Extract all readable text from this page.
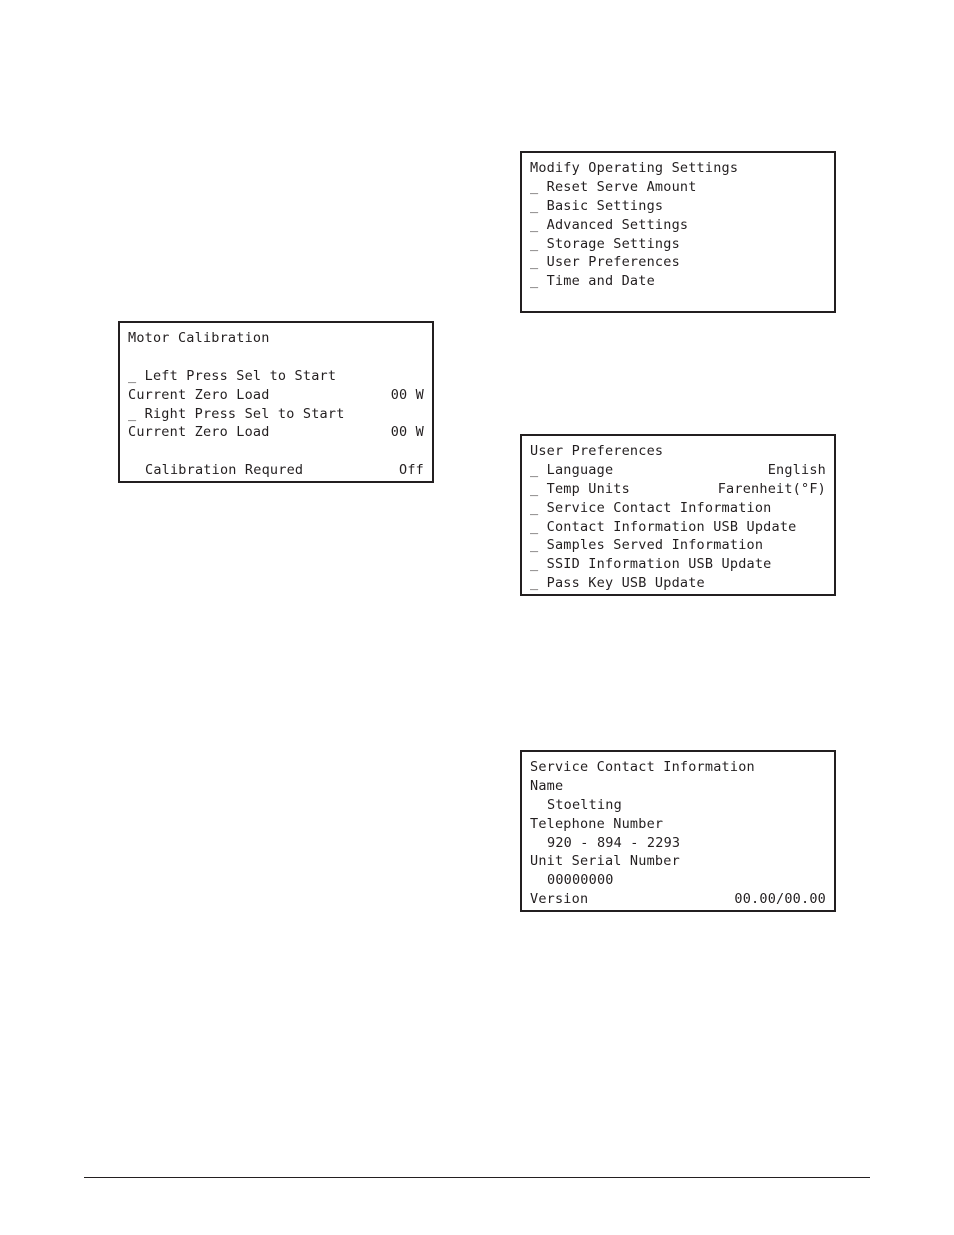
Motor Calibration
_ Left Press Sel to Start
Current Zero Load	00 W
_ Right Press Sel to Start
Current Zero Load	00 W
Calibration Requred	Off
Modify Operating Settings
_ Reset Serve Amount
_ Basic Settings
_ Advanced Settings
_ Storage Settings
_ User Preferences
_ Time and Date
User Preferences
_ Language	English
_ Temp Units	Farenheit(°F)
_ Service Contact Information
_ Contact Information USB Update
_ Samples Served Information
_ SSID Information USB Update
_ Pass Key USB Update
Service Contact Information
Name
Stoelting
Telephone Number
920 - 894 - 2293
Unit Serial Number
00000000
Version	00.00/00.00
